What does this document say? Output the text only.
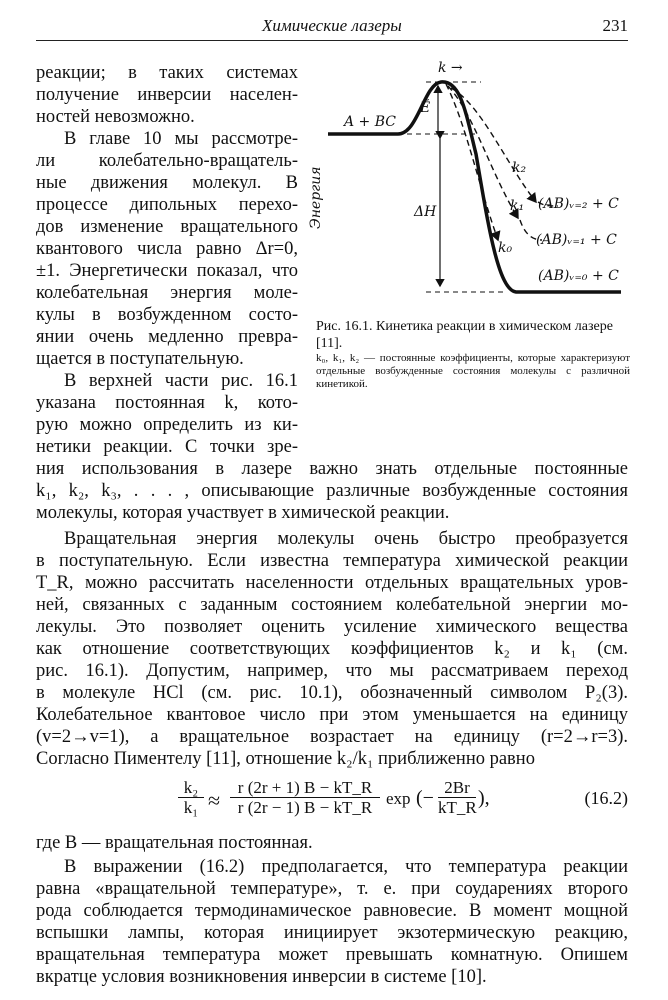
Химические лазеры	231
k →
A + BC
Ẽ
ΔH
Энергия	k₂
k₁
k₀
(AB)ᵥ₌₂ + C
(AB)ᵥ₌₁ + C
(AB)ᵥ₌₀ + C
Рис. 16.1. Кинетика реакции в химическом лазере [11].
k₀, k₁, k₂ — постоянные коэффициенты, которые характеризуют отдельные возбужденные состояния молекулы с различной кинетикой.
реакции; в таких системах
получение инверсии населен-
ностей невозможно.
В главе 10 мы рассмотре-
ли колебательно-вращатель-
ные движения молекул. В
процессе дипольных перехо-
дов изменение вращательного
квантового числа равно Δr=0,
±1. Энергетически показал, что
колебательная энергия моле-
кулы в возбужденном состо-
янии очень медленно превра-
щается в поступательную.
В верхней части рис. 16.1
указана постоянная k, кото-
рую можно определить из ки-
нетики реакции. С точки зре-
ния использования в лазере важно знать отдельные постоянные
k₁, k₂, k₃, . . . , описывающие различные возбужденные состояния
молекулы, которая участвует в химической реакции.
Вращательная энергия молекулы очень быстро преобразуется
в поступательную. Если известна температура химической реакции
T_R, можно рассчитать населенности отдельных вращательных уров-
ней, связанных с заданным состоянием колебательной энергии мо-
лекулы. Это позволяет оценить усиление химического вещества
как отношение соответствующих коэффициентов k₂ и k₁ (см.
рис. 16.1). Допустим, например, что мы рассматриваем переход
в молекуле HCl (см. рис. 10.1), обозначенный символом P₂(3).
Колебательное квантовое число при этом уменьшается на единицу
(v=2→v=1), а вращательное возрастает на единицу (r=2→r=3).
Согласно Пиментелу [11], отношение k₂/k₁ приближенно равно
$\frac{\text{k₂}}{\text{k₁}} \approx \frac{r (2r + 1) B - kT\_R}{r (2r - 1) B - kT\_R}$ exp (− $\frac{2Br}{kT\_R}$ ),	(16.2)
где B — вращательная постоянная.
В выражении (16.2) предполагается, что температура реакции
равна «вращательной температуре», т. е. при соударениях второго
рода соблюдается термодинамическое равновесие. В момент мощной
вспышки лампы, которая инициирует экзотермическую реакцию,
вращательная температура может превышать комнатную. Опишем
вкратце условия возникновения инверсии в системе [10].
